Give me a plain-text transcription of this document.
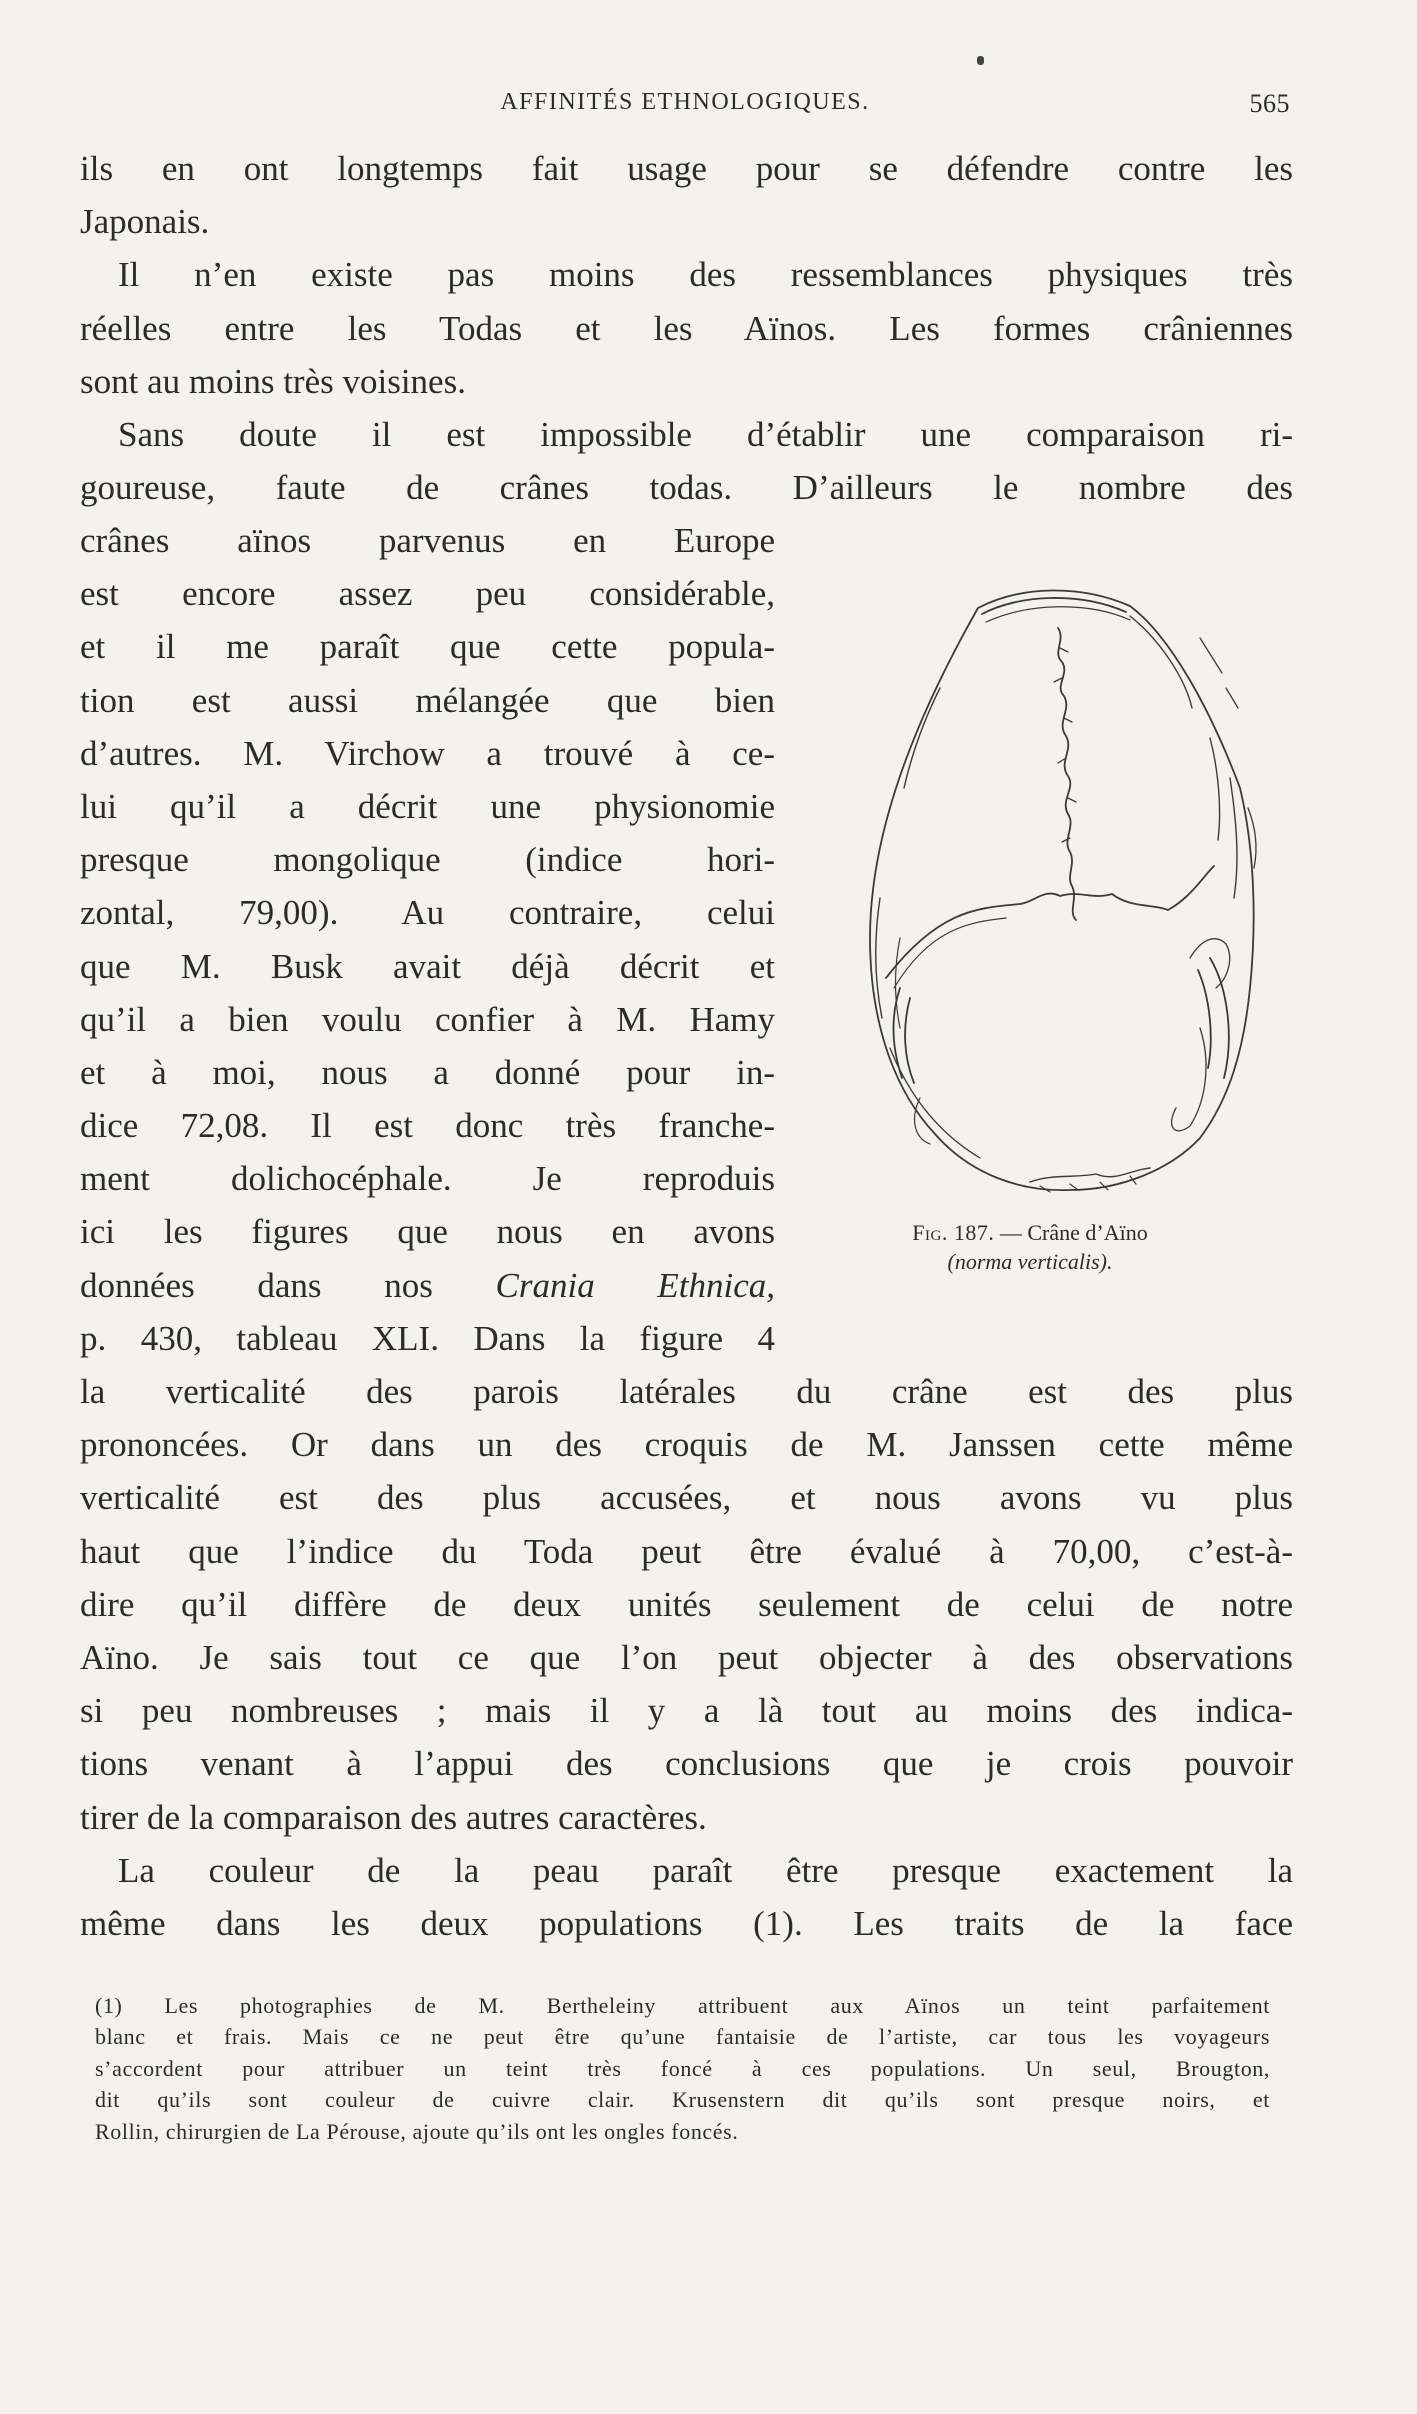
AFFINITÉS ETHNOLOGIQUES.	565
ils en ont longtemps fait usage pour se défendre contre les
Japonais.
Il n’en existe pas moins des ressemblances physiques très
réelles entre les Todas et les Aïnos. Les formes crâniennes
sont au moins très voisines.
Sans doute il est impossible d’établir une comparaison ri-
goureuse, faute de crânes todas. D’ailleurs le nombre des
crânes aïnos parvenus en Europe
est encore assez peu considérable,
et il me paraît que cette popula-
tion est aussi mélangée que bien
d’autres. M. Virchow a trouvé à ce-
lui qu’il a décrit une physionomie
presque mongolique (indice hori-
zontal, 79,00). Au contraire, celui
que M. Busk avait déjà décrit et
qu’il a bien voulu confier à M. Hamy
et à moi, nous a donné pour in-
dice 72,08. Il est donc très franche-
ment dolichocéphale. Je reproduis
ici les figures que nous en avons
données dans nos Crania Ethnica,
p. 430, tableau XLI. Dans la figure 4
Fig. 187. — Crâne d’Aïno
(norma verticalis).
la verticalité des parois latérales du crâne est des plus
prononcées. Or dans un des croquis de M. Janssen cette même
verticalité est des plus accusées, et nous avons vu plus
haut que l’indice du Toda peut être évalué à 70,00, c’est-à-
dire qu’il diffère de deux unités seulement de celui de notre
Aïno. Je sais tout ce que l’on peut objecter à des observations
si peu nombreuses ; mais il y a là tout au moins des indica-
tions venant à l’appui des conclusions que je crois pouvoir
tirer de la comparaison des autres caractères.
La couleur de la peau paraît être presque exactement la
même dans les deux populations (1). Les traits de la face
(1) Les photographies de M. Bertheleiny attribuent aux Aïnos un teint parfaitement
blanc et frais. Mais ce ne peut être qu’une fantaisie de l’artiste, car tous les voyageurs
s’accordent pour attribuer un teint très foncé à ces populations. Un seul, Brougton,
dit qu’ils sont couleur de cuivre clair. Krusenstern dit qu’ils sont presque noirs, et
Rollin, chirurgien de La Pérouse, ajoute qu’ils ont les ongles foncés.
